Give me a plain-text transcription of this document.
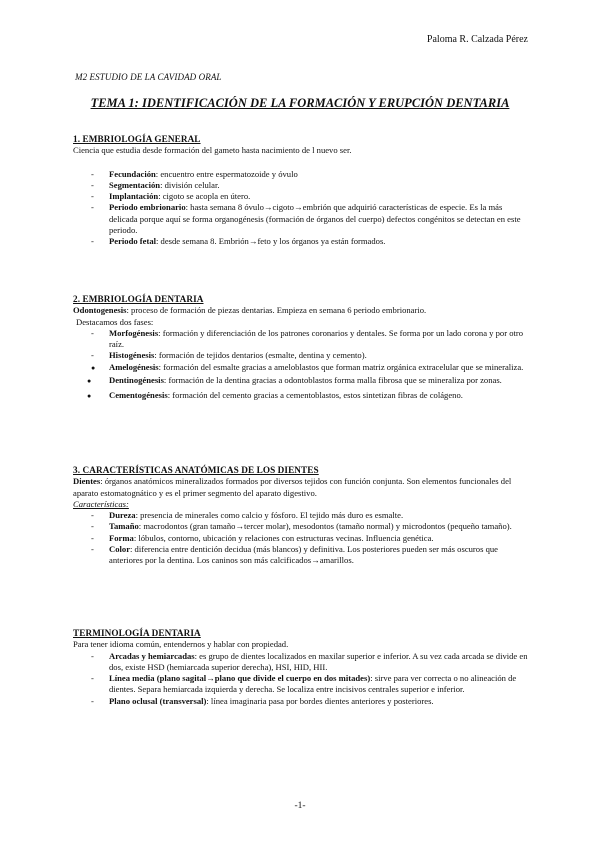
Paloma R. Calzada Pérez
M2 ESTUDIO DE LA CAVIDAD ORAL
TEMA 1: IDENTIFICACIÓN DE LA FORMACIÓN Y ERUPCIÓN DENTARIA

1. EMBRIOLOGÍA GENERAL

Ciencia que estudia desde formación del gameto hasta nacimiento de l nuevo ser.

- Fecundación: encuentro entre espermatozoide y óvulo
- Segmentación: división celular.
- Implantación: cigoto se acopla en útero.
- Periodo embrionario: hasta semana 8 óvulo→cigoto→embrión que adquirió características de especie. Es la más delicada porque aquí se forma organogénesis (formación de órganos del cuerpo) defectos congénitos se detectan en este periodo.
- Periodo fetal: desde semana 8. Embrión→feto y los órganos ya están formados.

2. EMBRIOLOGÍA DENTARIA

Odontogenesis: proceso de formación de piezas dentarias. Empieza en semana 6 periodo embrionario.

Destacamos dos fases:

- Morfogénesis: formación y diferenciación de los patrones coronarios y dentales. Se forma por un lado corona y por otro raíz.
- Histogénesis: formación de tejidos dentarios (esmalte, dentina y cemento).
● Amelogénesis: formación del esmalte gracias a ameloblastos que forman matriz orgánica extracelular que se mineraliza.
● Dentinogénesis: formación de la dentina gracias a odontoblastos forma malla fibrosa que se mineraliza por zonas.
● Cementogénesis: formación del cemento gracias a cementoblastos, estos sintetizan fibras de colágeno.

3. CARACTERÍSTICAS ANATÓMICAS DE LOS DIENTES

Dientes: órganos anatómicos mineralizados formados por diversos tejidos con función conjunta. Son elementos funcionales del aparato estomatognático y es el primer segmento del aparato digestivo.

Características:

- Dureza: presencia de minerales como calcio y fósforo. El tejido más duro es esmalte.
- Tamaño: macrodontos (gran tamaño→tercer molar), mesodontos (tamaño normal) y microdontos (pequeño tamaño).
- Forma: lóbulos, contorno, ubicación y relaciones con estructuras vecinas. Influencia genética.
- Color: diferencia entre dentición decidua (más blancos) y definitiva. Los posteriores pueden ser más oscuros que anteriores por la dentina. Los caninos son más calcificados→amarillos.

TERMINOLOGÍA DENTARIA

Para tener idioma común, entendernos y hablar con propiedad.

- Arcadas y hemiarcadas: es grupo de dientes localizados en maxilar superior e inferior. A su vez cada arcada se divide en dos, existe HSD (hemiarcada superior derecha), HSI, HID, HII.
- Línea media (plano sagital→plano que divide el cuerpo en dos mitades): sirve para ver correcta o no alineación de dientes. Separa hemiarcada izquierda y derecha. Se localiza entre incisivos centrales superior e inferior.
- Plano oclusal (transversal): línea imaginaria pasa por bordes dientes anteriores y posteriores.
-1-
